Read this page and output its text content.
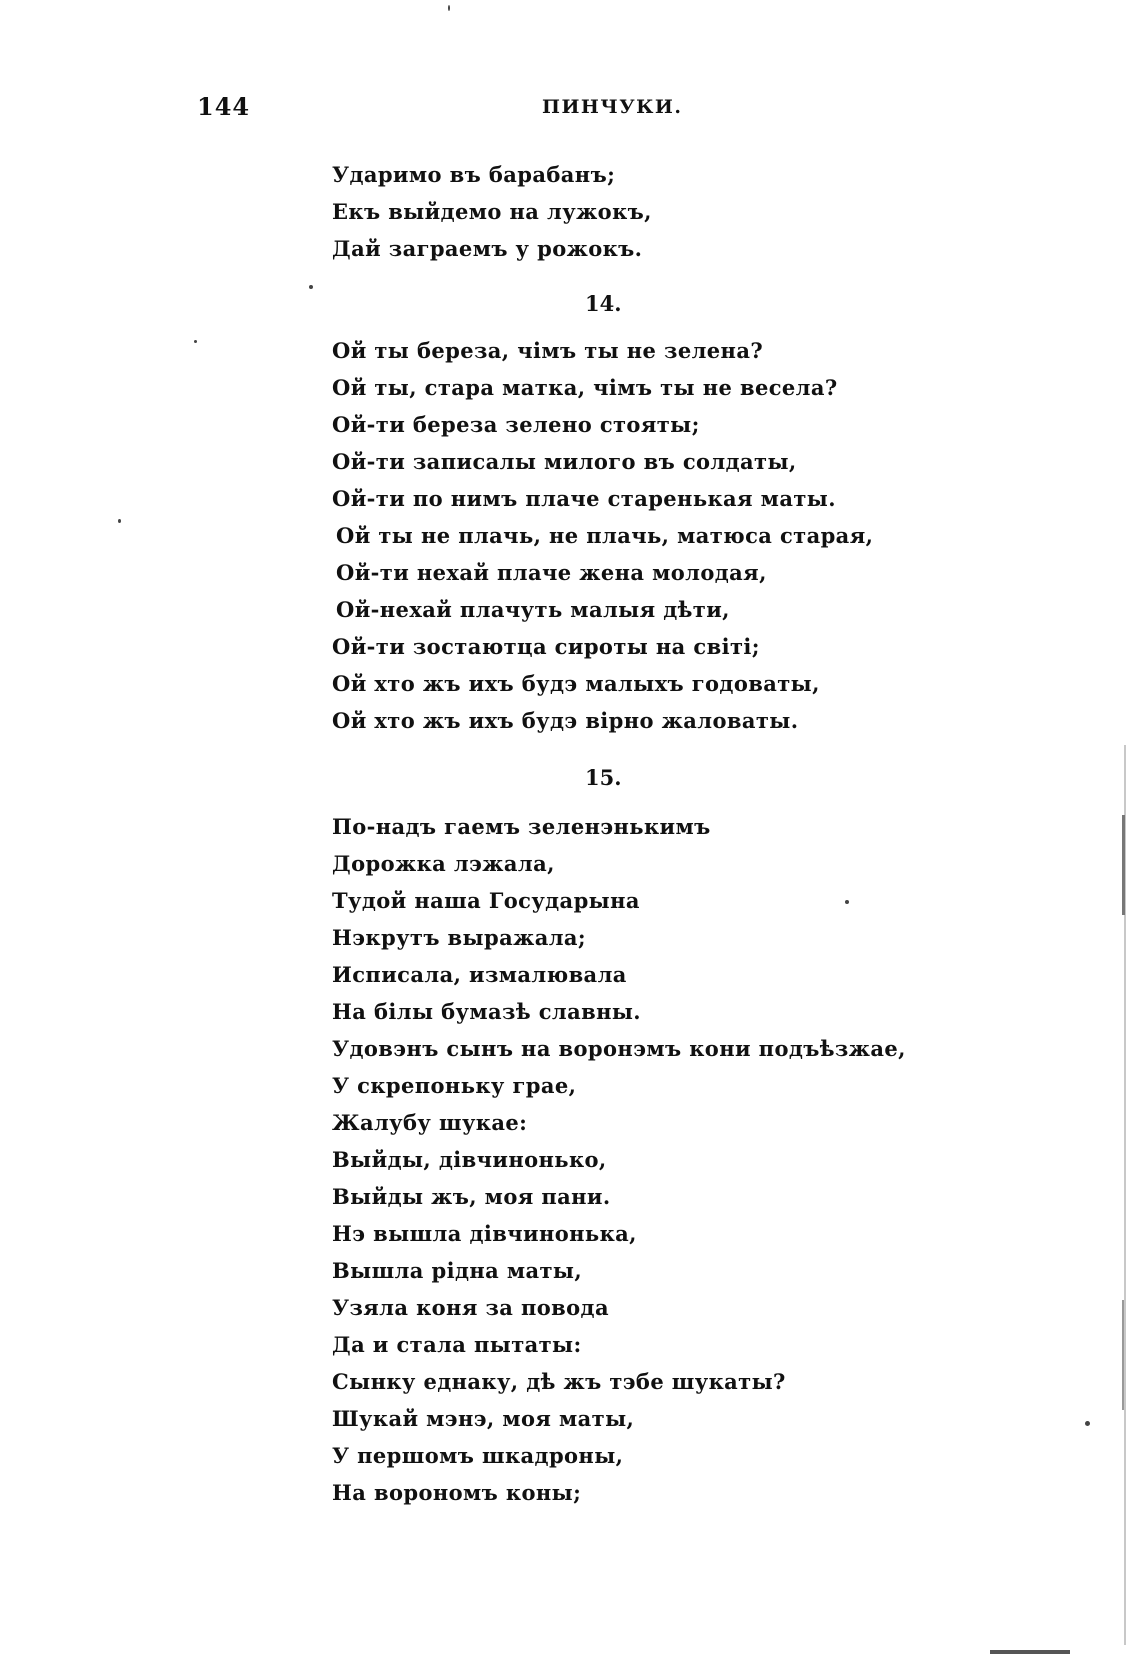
144	ПИНЧУКИ.
Ударимо въ барабанъ;
Екъ выйдемо на лужокъ,
Дай заграемъ у рожокъ.
14.
Ой ты береза, чімъ ты не зелена?
Ой ты, стара матка, чімъ ты не весела?
Ой-ти береза зелено стояты;
Ой-ти записалы милого въ солдаты,
Ой-ти по нимъ плаче старенькая маты.
Ой ты не плачь, не плачь, матюса старая,
Ой-ти нехай плаче жена молодая,
Ой-нехай плачуть малыя дѣти,
Ой-ти зостаютца сироты на світі;
Ой хто жъ ихъ будэ малыхъ годоваты,
Ой хто жъ ихъ будэ вірно жаловаты.
15.
По-надъ гаемъ зеленэнькимъ
Дорожка лэжала,
Тудой наша Государына
Нэкрутъ выражала;
Исписала, измалювала
На білы бумазѣ славны.
Удовэнъ сынъ на воронэмъ кони подъѣзжае,
У скрепоньку грае,
Жалубу шукае:
Выйды, дівчинонько,
Выйды жъ, моя пани.
Нэ вышла дівчинонька,
Вышла рідна маты,
Узяла коня за повода
Да и стала пытаты:
Сынку еднаку, дѣ жъ тэбе шукаты?
Шукай мэнэ, моя маты,
У першомъ шкадроны,
На ворономъ коны;
